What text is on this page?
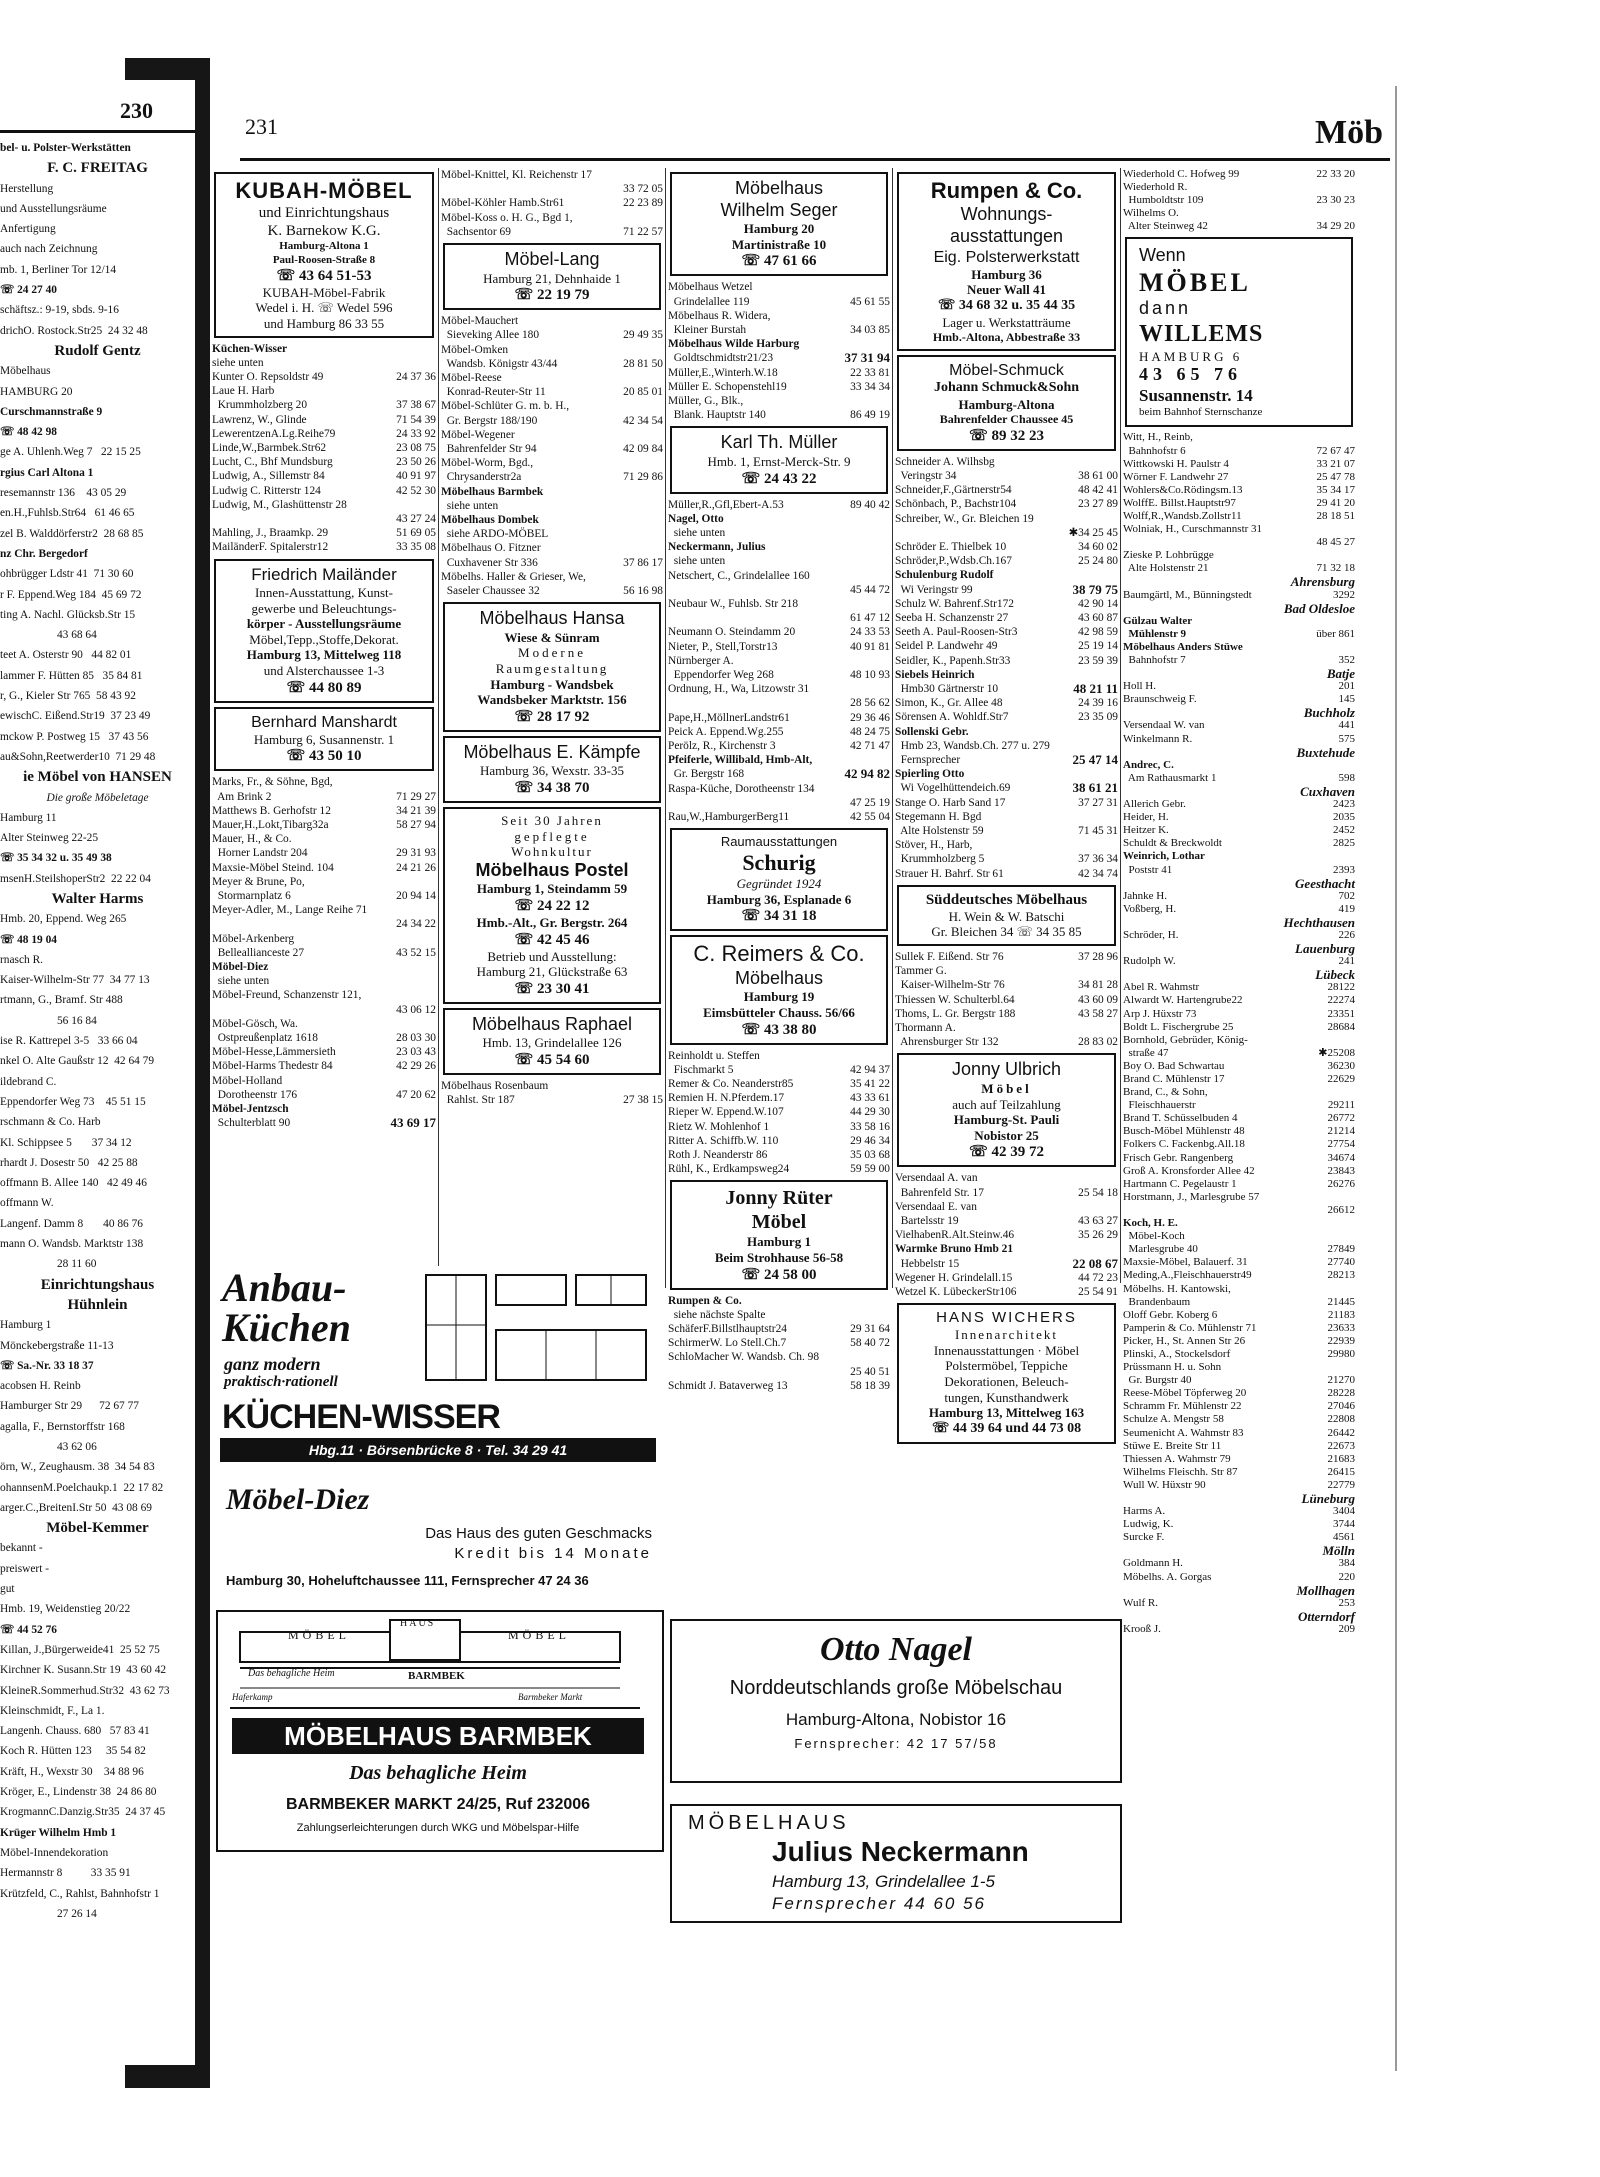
230
bel- u. Polster-Werkstätten
F. C. FREITAG
Herstellung
und Ausstellungsräume
Anfertigung
auch nach Zeichnung
mb. 1, Berliner Tor 12/14
☏ 24 27 40
schäftsz.: 9-19, sbds. 9-16
drichO. Rostock.Str25  24 32 48
Rudolf Gentz
Möbelhaus
HAMBURG 20
Curschmannstraße 9
☏ 48 42 98
ge A. Uhlenh.Weg 7   22 15 25
rgius Carl Altona 1
resemannstr 136    43 05 29
en.H.,Fuhlsb.Str64   61 46 65
zel B. Walddörferstr2  28 68 85
nz Chr. Bergedorf
ohbrügger Ldstr 41  71 30 60
r F. Eppend.Weg 184  45 69 72
ting A. Nachl. Glücksb.Str 15
43 68 64
teet A. Osterstr 90   44 82 01
lammer F. Hütten 85   35 84 81
r, G., Kieler Str 765  58 43 92
ewischC. Eißend.Str19  37 23 49
mckow P. Postweg 15   37 43 56
au&Sohn,Reetwerder10  71 29 48
ie Möbel von HANSEN
Die große Möbeletage
Hamburg 11
Alter Steinweg 22-25
☏ 35 34 32 u. 35 49 38
msenH.SteilshoperStr2  22 22 04
Walter Harms
Hmb. 20, Eppend. Weg 265
☏ 48 19 04
rnasch R.
Kaiser-Wilhelm-Str 77  34 77 13
rtmann, G., Bramf. Str 488
56 16 84
ise R. Kattrepel 3-5   33 66 04
nkel O. Alte Gaußstr 12  42 64 79
ildebrand C.
Eppendorfer Weg 73    45 51 15
rschmann & Co. Harb
Kl. Schippsee 5       37 34 12
rhardt J. Dosestr 50   42 25 88
offmann B. Allee 140   42 49 46
offmann W.
Langenf. Damm 8       40 86 76
mann O. Wandsb. Marktstr 138
28 11 60
Einrichtungshaus
Hühnlein
Hamburg 1
Mönckebergstraße 11-13
☏ Sa.-Nr. 33 18 37
acobsen H. Reinb
Hamburger Str 29      72 67 77
agalla, F., Bernstorffstr 168
43 62 06
örn, W., Zeughausm. 38  34 54 83
ohannsenM.Poelchaukp.1  22 17 82
arger.C.,BreitenI.Str 50  43 08 69
Möbel-Kemmer
bekannt -
preiswert -
gut
Hmb. 19, Weidenstieg 20/22
☏ 44 52 76
Killan, J.,Bürgerweide41  25 52 75
Kirchner K. Susann.Str 19  43 60 42
KleineR.Sommerhud.Str32  43 62 73
Kleinschmidt, F., La 1.
Langenh. Chauss. 680   57 83 41
Koch R. Hütten 123     35 54 82
Kräft, H., Wexstr 30    34 88 96
Kröger, E., Lindenstr 38  24 86 80
KrogmannC.Danzig.Str35  24 37 45
Krüger Wilhelm Hmb 1
Möbel-Innendekoration
Hermannstr 8          33 35 91
Krützfeld, C., Rahlst, Bahnhofstr 1
27 26 14
231	Möb
KUBAH-MÖBEL
und Einrichtungshaus
K. Barnekow K.G.
Hamburg-Altona 1
Paul-Roosen-Straße 8
☏ 43 64 51-53
KUBAH-Möbel-Fabrik
Wedel i. H. ☏ Wedel 596
und Hamburg 86 33 55
Küchen-Wisser
siehe unten
Kunter O. Repsoldstr 49	24 37 36
Laue H. Harb
Krummholzberg 20	37 38 67
Lawrenz, W., Glinde	71 54 39
LewerentzenA.Lg.Reihe79	24 33 92
Linde,W.,Barmbek.Str62	23 08 75
Lucht, C., Bhf Mundsburg	23 50 26
Ludwig, A., Sillemstr 84	40 91 97
Ludwig C. Ritterstr 124	42 52 30
Ludwig, M., Glashüttenstr 28
43 27 24
Mahling, J., Braamkp. 29	51 69 05
MailänderF. Spitalerstr12	33 35 08
Friedrich Mailänder
Innen-Ausstattung, Kunst-
gewerbe und Beleuchtungs-
körper - Ausstellungsräume
Möbel,Tepp.,Stoffe,Dekorat.
Hamburg 13, Mittelweg 118
und Alsterchaussee 1-3
☏ 44 80 89
Bernhard Manshardt
Hamburg 6, Susannenstr. 1
☏ 43 50 10
Marks, Fr., & Söhne, Bgd,
Am Brink 2	71 29 27
Matthews B. Gerhofstr 12	34 21 39
Mauer,H.,Lokt,Tibarg32a	58 27 94
Mauer, H., & Co.
Horner Landstr 204	29 31 93
Maxsie-Möbel Steind. 104	24 21 26
Meyer & Brune, Po,
Stormarnplatz 6	20 94 14
Meyer-Adler, M., Lange Reihe 71
24 34 22
Möbel-Arkenberg
Belleallianceste 27	43 52 15
Möbel-Diez
siehe unten
Möbel-Freund, Schanzenstr 121,
43 06 12
Möbel-Gösch, Wa.
Ostpreußenplatz 1618	28 03 30
Möbel-Hesse,Lämmersieth	23 03 43
Möbel-Harms Thedestr 84	42 29 26
Möbel-Holland
Dorotheenstr 176	47 20 62
Möbel-Jentzsch
Schulterblatt 90	43 69 17
Möbel-Knittel, Kl. Reichenstr 17
33 72 05
Möbel-Köhler Hamb.Str61	22 23 89
Möbel-Koss o. H. G., Bgd 1,
Sachsentor 69	71 22 57
Möbel-Lang
Hamburg 21, Dehnhaide 1
☏ 22 19 79
Möbel-Mauchert
Sieveking Allee 180	29 49 35
Möbel-Omken
Wandsb. Königstr 43/44	28 81 50
Möbel-Reese
Konrad-Reuter-Str 11	20 85 01
Möbel-Schlüter G. m. b. H.,
Gr. Bergstr 188/190	42 34 54
Möbel-Wegener
Bahrenfelder Str 94	42 09 84
Möbel-Worm, Bgd.,
Chrysanderstr2a	71 29 86
Möbelhaus Barmbek
siehe unten
Möbelhaus Dombek
siehe ARDO-MÖBEL
Möbelhaus O. Fitzner
Cuxhavener Str 336	37 86 17
Möbelhs. Haller & Grieser, We,
Saseler Chaussee 32	56 16 98
Möbelhaus Hansa
Wiese & Sünram
Moderne
Raumgestaltung
Hamburg - Wandsbek
Wandsbeker Marktstr. 156
☏ 28 17 92
Möbelhaus E. Kämpfe
Hamburg 36, Wexstr. 33-35
☏ 34 38 70
Seit 30 Jahren
gepflegte
Wohnkultur
Möbelhaus Postel
Hamburg 1, Steindamm 59
☏ 24 22 12
Hmb.-Alt., Gr. Bergstr. 264
☏ 42 45 46
Betrieb und Ausstellung:
Hamburg 21, Glückstraße 63
☏ 23 30 41
Möbelhaus Raphael
Hmb. 13, Grindelallee 126
☏ 45 54 60
Möbelhaus Rosenbaum
Rahlst. Str 187	27 38 15
Möbelhaus
Wilhelm Seger
Hamburg 20
Martinistraße 10
☏ 47 61 66
Möbelhaus Wetzel
Grindelallee 119	45 61 55
Möbelhaus R. Widera,
Kleiner Burstah	34 03 85
Möbelhaus Wilde Harburg
Goldtschmidtstr21/23	37 31 94
Müller,E.,Winterh.W.18	22 33 81
Müller E. Schopenstehl19	33 34 34
Müller, G., Blk.,
Blank. Hauptstr 140	86 49 19
Karl Th. Müller
Hmb. 1, Ernst-Merck-Str. 9
☏ 24 43 22
Müller,R.,Gfl,Ebert-A.53	89 40 42
Nagel, Otto
siehe unten
Neckermann, Julius
siehe unten
Netschert, C., Grindelallee 160
45 44 72
Neubaur W., Fuhlsb. Str 218
61 47 12
Neumann O. Steindamm 20	24 33 53
Nieter, P., Stell,Torstr13	40 91 81
Nürnberger A.
Eppendorfer Weg 268	48 10 93
Ordnung, H., Wa, Litzowstr 31
28 56 62
Pape,H.,MöllnerLandstr61	29 36 46
Peick A. Eppend.Wg.255	48 24 75
Perölz, R., Kirchenstr 3	42 71 47
Pfeiferle, Willibald, Hmb-Alt,
Gr. Bergstr 168	42 94 82
Raspa-Küche, Dorotheenstr 134
47 25 19
Rau,W.,HamburgerBerg11	42 55 04
Raumausstattungen
Schurig
Gegründet 1924
Hamburg 36, Esplanade 6
☏ 34 31 18
C. Reimers & Co.
Möbelhaus
Hamburg 19
Eimsbütteler Chauss. 56/66
☏ 43 38 80
Reinholdt u. Steffen
Fischmarkt 5	42 94 37
Remer & Co. Neanderstr85	35 41 22
Remien H. N.Pferdem.17	43 33 61
Rieper W. Eppend.W.107	44 29 30
Rietz W. Mohlenhof 1	33 58 16
Ritter A. Schiffb.W. 110	29 46 34
Roth J. Neanderstr 86	35 03 68
Rühl, K., Erdkampsweg24	59 59 00
Jonny Rüter
Möbel
Hamburg 1
Beim Strohhause 56-58
☏ 24 58 00
Rumpen & Co.
siehe nächste Spalte
SchäferF.Billstlhauptstr24	29 31 64
SchirmerW. Lo Stell.Ch.7	58 40 72
SchloMacher W. Wandsb. Ch. 98
25 40 51
Schmidt J. Bataverweg 13	58 18 39
Rumpen & Co.
Wohnungs-
ausstattungen
Eig. Polsterwerkstatt
Hamburg 36
Neuer Wall 41
☏ 34 68 32 u. 35 44 35
Lager u. Werkstatträume
Hmb.-Altona, Abbestraße 33
Möbel-Schmuck
Johann Schmuck&Sohn
Hamburg-Altona
Bahrenfelder Chaussee 45
☏ 89 32 23
Schneider A. Wilhsbg
Veringstr 34	38 61 00
Schneider,F.,Gärtnerstr54	48 42 41
Schönbach, P., Bachstr104	23 27 89
Schreiber, W., Gr. Bleichen 19
✱34 25 45
Schröder E. Thielbek 10	34 60 02
Schröder,P.,Wdsb.Ch.167	25 24 80
Schulenburg Rudolf
Wi Veringstr 99	38 79 75
Schulz W. Bahrenf.Str172	42 90 14
Seeba H. Schanzenstr 27	43 60 87
Seeth A. Paul-Roosen-Str3	42 98 59
Seidel P. Landwehr 49	25 19 14
Seidler, K., Papenh.Str33	23 59 39
Siebels Heinrich
Hmb30 Gärtnerstr 10	48 21 11
Simon, K., Gr. Allee 48	24 39 16
Sörensen A. Wohldf.Str7	23 35 09
Sollenski Gebr.
Hmb 23, Wandsb.Ch. 277 u. 279
Fernsprecher	25 47 14
Spierling Otto
Wi Vogelhüttendeich.69	38 61 21
Stange O. Harb Sand 17	37 27 31
Stegemann H. Bgd
Alte Holstenstr 59	71 45 31
Stöver, H., Harb,
Krummholzberg 5	37 36 34
Strauer H. Bahrf. Str 61	42 34 74
Süddeutsches Möbelhaus
H. Wein & W. Batschi
Gr. Bleichen 34 ☏ 34 35 85
Sullek F. Eißend. Str 76	37 28 96
Tammer G.
Kaiser-Wilhelm-Str 76	34 81 28
Thiessen W. Schulterbl.64	43 60 09
Thoms, L. Gr. Bergstr 188	43 58 27
Thormann A.
Ahrensburger Str 132	28 83 02
Jonny Ulbrich
Möbel
auch auf Teilzahlung
Hamburg-St. Pauli
Nobistor 25
☏ 42 39 72
Versendaal A. van
Bahrenfeld Str. 17	25 54 18
Versendaal E. van
Bartelsstr 19	43 63 27
VielhabenR.Alt.Steinw.46	35 26 29
Warmke Bruno Hmb 21
Hebbelstr 15	22 08 67
Wegener H. Grindelall.15	44 72 23
Wetzel K. LübeckerStr106	25 54 91
HANS WICHERS
Innenarchitekt
Innenausstattungen · Möbel
Polstermöbel, Teppiche
Dekorationen, Beleuch-
tungen, Kunsthandwerk
Hamburg 13, Mittelweg 163
☏ 44 39 64 und 44 73 08
Wiederhold C. Hofweg 99	22 33 20
Wiederhold R.
Humboldtstr 109	23 30 23
Wilhelms O.
Alter Steinweg 42	34 29 20
Wenn
MÖBEL
dann
WILLEMS
HAMBURG 6
43 65 76
Susannenstr. 14
beim Bahnhof Sternschanze
Witt, H., Reinb,
Bahnhofstr 6	72 67 47
Wittkowski H. Paulstr 4	33 21 07
Wörner F. Landwehr 27	25 47 78
Wohlers&Co.Rödingsm.13	35 34 17
WolffE. Billst.Hauptstr97	29 41 20
Wolff,R.,Wandsb.Zollstr11	28 18 51
Wolniak, H., Curschmannstr 31
48 45 27
Zieske P. Lohbrügge
Alte Holstenstr 21	71 32 18
Ahrensburg
Baumgärtl, M., Bünningstedt	3292
Bad Oldesloe
Gülzau Walter
Mühlenstr 9	über 861
Möbelhaus Anders Stüwe
Bahnhofstr 7	352
Batje
Holl H.	201
Braunschweig F.	145
Buchholz
Versendaal W. van	441
Winkelmann R.	575
Buxtehude
Andrec, C.
Am Rathausmarkt 1	598
Cuxhaven
Allerich Gebr.	2423
Heider, H.	2035
Heitzer K.	2452
Schuldt & Breckwoldt	2825
Weinrich, Lothar
Poststr 41	2393
Geesthacht
Jahnke H.	702
Voßberg, H.	419
Hechthausen
Schröder, H.	226
Lauenburg
Rudolph W.	241
Lübeck
Abel R. Wahmstr	28122
Alwardt W. Hartengrube22	22274
Arp J. Hüxstr 73	23351
Boldt L. Fischergrube 25	28684
Bornhold, Gebrüder, König-
straße 47	✱25208
Boy O. Bad Schwartau	36230
Brand C. Mühlenstr 17	22629
Brand, C., & Sohn,
Fleischhauerstr	29211
Brand T. Schüsselbuden 4	26772
Busch-Möbel Mühlenstr 48	21214
Folkers C. Fackenbg.All.18	27754
Frisch Gebr. Rangenberg	34674
Groß A. Kronsforder Allee 42	23843
Hartmann C. Pegelaustr 1	26276
Horstmann, J., Marlesgrube 57
26612
Koch, H. E.
Möbel-Koch
Marlesgrube 40	27849
Maxsie-Möbel, Balauerf. 31	27740
Meding,A.,Fleischhauerstr49	28213
Möbelhs. H. Kantowski,
Brandenbaum	21445
Oloff Gebr. Koberg 6	21183
Pamperin & Co. Mühlenstr 71	23633
Picker, H., St. Annen Str 26	22939
Plinski, A., Stockelsdorf	29980
Prüssmann H. u. Sohn
Gr. Burgstr 40	21270
Reese-Möbel Töpferweg 20	28228
Schramm Fr. Mühlenstr 22	27046
Schulze A. Mengstr 58	22808
Seumenicht A. Wahmstr 83	26442
Stüwe E. Breite Str 11	22673
Thiessen A. Wahmstr 79	21683
Wilhelms Fleischh. Str 87	26415
Wull W. Hüxstr 90	22779
Lüneburg
Harms A.	3404
Ludwig, K.	3744
Surcke F.	4561
Mölln
Goldmann H.	384
Möbelhs. A. Gorgas	220
Mollhagen
Wulf R.	253
Otterndorf
Krooß J.	209
Anbau-
Küchen
ganz modern
praktisch·rationell
KÜCHEN-WISSER
Hbg.11 · Börsenbrücke 8 · Tel. 34 29 41
Möbel-Diez
Das Haus des guten Geschmacks
Kredit bis 14 Monate
Hamburg 30, Hoheluftchaussee 111, Fernsprecher 47 24 36
MÖBEL
HAUS
MÖBEL
Das behagliche Heim	BARMBEK
Haferkamp	Barmbeker Markt
MÖBELHAUS BARMBEK
Das behagliche Heim
BARMBEKER MARKT 24/25, Ruf 232006
Zahlungserleichterungen durch WKG und Möbelspar-Hilfe
Otto Nagel
Norddeutschlands große Möbelschau
Hamburg-Altona, Nobistor 16
Fernsprecher: 42 17 57/58
MÖBELHAUS
Julius Neckermann
Hamburg 13, Grindelallee 1-5
Fernsprecher 44 60 56
